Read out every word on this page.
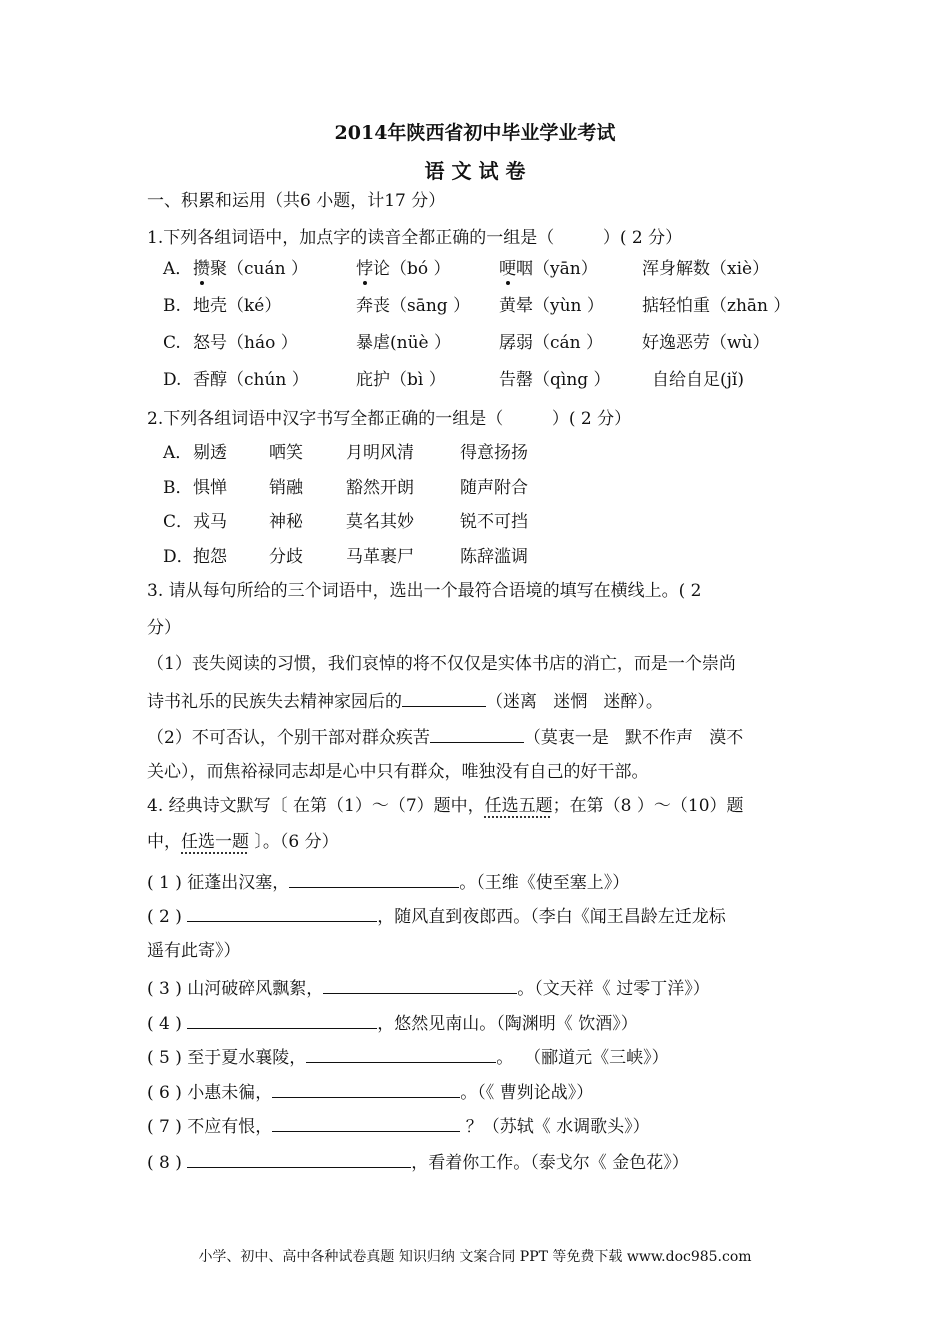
2014年陕西省初中毕业学业考试
语 文 试 卷
一、积累和运用（共6 小题，计17 分）
1.下列各组词语中，加点字的读音全都正确的一组是（         ）( 2 分）
A． 攒聚（cuán ）	悖论（bó ）	哽咽（yān）	浑身解数（xiè）
B. 地壳（ké）	奔丧（sāng ） 黄晕（yùn ） 掂轻怕重（zhān ）
C. 怒号（háo ）	暴虐(nüè ）	孱弱（cán ） 好逸恶劳（wù）
D. 香醇（chún ）	庇护（bì ）	告罄（qìng ） 自给自足(jǐ)
2.下列各组词语中汉字书写全都正确的一组是（         ）( 2 分）
A． 剔透 哂笑	月明风清	得意扬扬
B． 惧惮 销融	豁然开朗	随声附合
C． 戎马 神秘	莫名其妙	锐不可挡
D． 抱怨 分歧	马革裹尸	陈辞滥调
3. 请从每句所给的三个词语中，选出一个最符合语境的填写在横线上。( 2
分）
（1）丧失阅读的习惯，我们哀悼的将不仅仅是实体书店的消亡，而是一个崇尚
诗书礼乐的民族失去精神家园后的	（迷离   迷惘   迷醉）。
（2）不可否认，个别干部对群众疾苦	（莫衷一是   默不作声   漠不
关心），而焦裕禄同志却是心中只有群众，唯独没有自己的好干部。
4. 经典诗文默写〔 在第（1）～（7）题中，任选五题；在第（8 ）～（10）题
中，任选一题 〕。（6 分）
( 1 ) 征蓬出汉塞，	。（王维《使至塞上》）
( 2 )	，随风直到夜郎西。（李白《闻王昌龄左迁龙标
遥有此寄》）
( 3 ) 山河破碎风飘絮，	。（文天祥《 过零丁洋》）
( 4 )	，悠然见南山。（陶渊明《 饮酒》）
( 5 ) 至于夏水襄陵，	。  （郦道元《三峡》）
( 6 ) 小惠未徧，	。（《 曹刿论战》）
( 7 ) 不应有恨，	？（苏轼《 水调歌头》）
( 8 )	，看着你工作。（泰戈尔《 金色花》）
小学、初中、高中各种试卷真题 知识归纳 文案合同 PPT 等免费下载 www.doc985.com
